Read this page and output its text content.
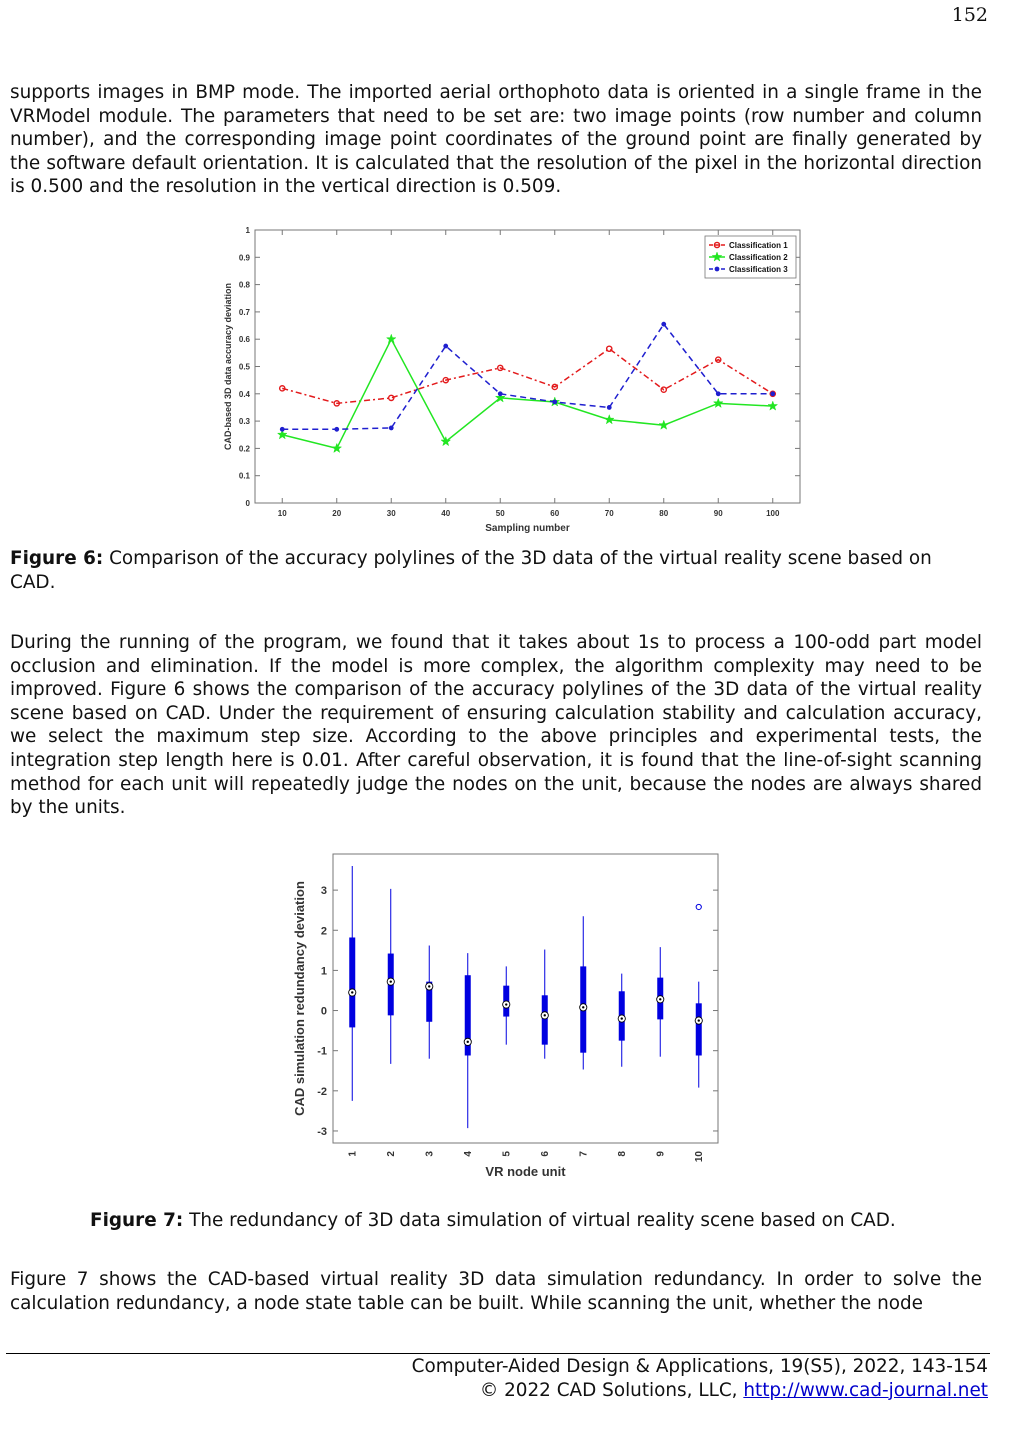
152

supports images in BMP mode. The imported aerial orthophoto data is oriented in a single frame in the VRModel module. The parameters that need to be set are: two image points (row number and column number), and the corresponding image point coordinates of the ground point are finally generated by the software default orientation. It is calculated that the resolution of the pixel in the horizontal direction is 0.500 and the resolution in the vertical direction is 0.509.

0
0.1
0.2
0.3
0.4
0.5
0.6
0.7
0.8
0.9
1
10	20	30	40	50	60	70	80	90	100
Sampling number
CAD-based 3D data accuracy deviation
Classification 1
Classification 2
Classification 3

Figure 6: Comparison of the accuracy polylines of the 3D data of the virtual reality scene based on CAD.

During the running of the program, we found that it takes about 1s to process a 100-odd part model occlusion and elimination. If the model is more complex, the algorithm complexity may need to be improved. Figure 6 shows the comparison of the accuracy polylines of the 3D data of the virtual reality scene based on CAD. Under the requirement of ensuring calculation stability and calculation accuracy, we select the maximum step size. According to the above principles and experimental tests, the integration step length here is 0.01. After careful observation, it is found that the line-of-sight scanning method for each unit will repeatedly judge the nodes on the unit, because the nodes are always shared by the units.

-3
-2
-1
0
1
2
3
1	2	3	4	5	6	7	8	9	10
VR node unit
CAD simulation redundancy deviation

Figure 7: The redundancy of 3D data simulation of virtual reality scene based on CAD.

Figure 7 shows the CAD-based virtual reality 3D data simulation redundancy. In order to solve the calculation redundancy, a node state table can be built. While scanning the unit, whether the node

Computer-Aided Design & Applications, 19(S5), 2022, 143-154
© 2022 CAD Solutions, LLC, http://www.cad-journal.net
